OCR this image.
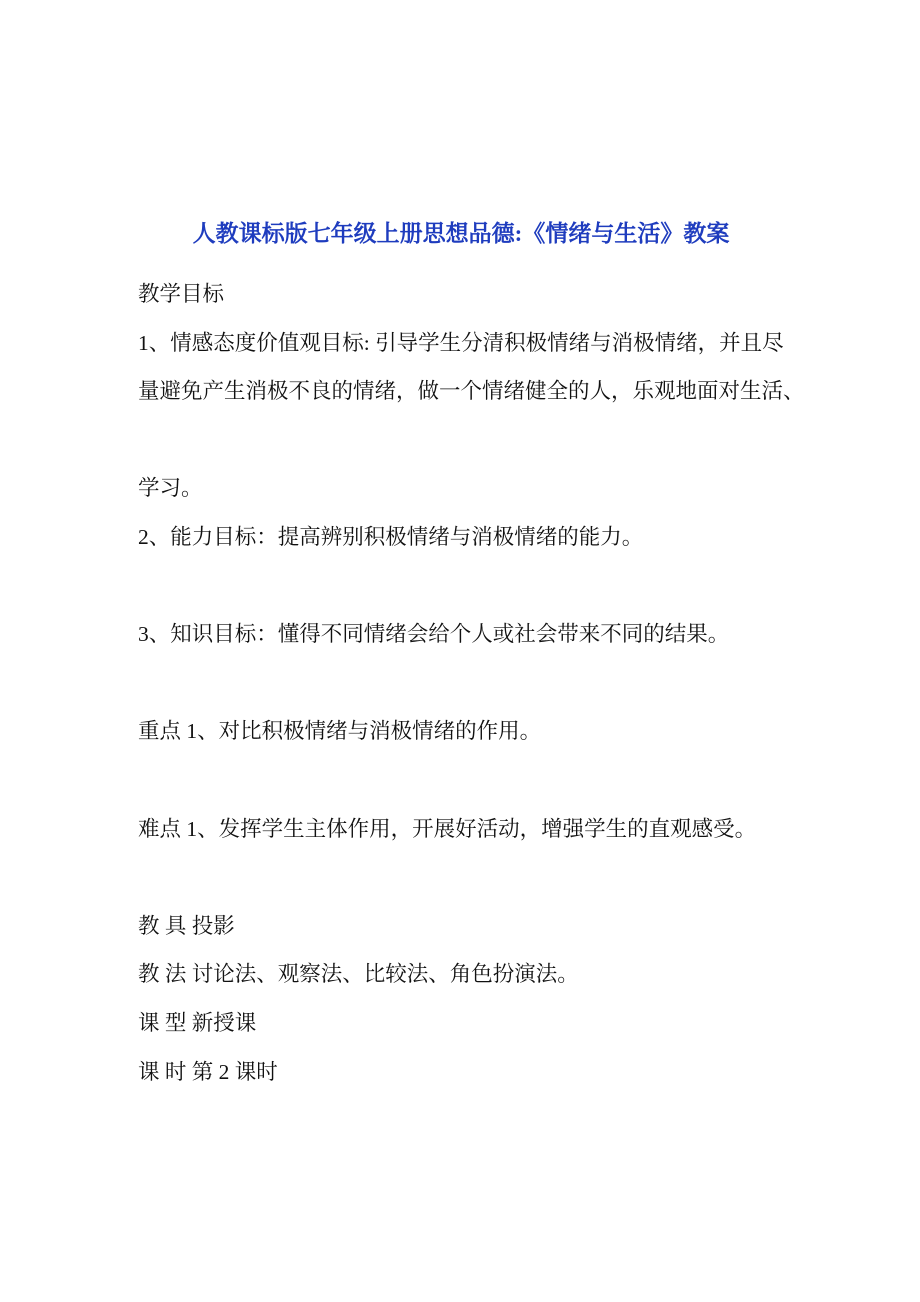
人教课标版七年级上册思想品德:《情绪与生活》教案
教学目标
1、情感态度价值观目标: 引导学生分清积极情绪与消极情绪，并且尽
量避免产生消极不良的情绪，做一个情绪健全的人，乐观地面对生活、

学习。
2、能力目标：提高辨别积极情绪与消极情绪的能力。

3、知识目标：懂得不同情绪会给个人或社会带来不同的结果。

重点 1、对比积极情绪与消极情绪的作用。

难点 1、发挥学生主体作用，开展好活动，增强学生的直观感受。

教 具 投影
教 法 讨论法、观察法、比较法、角色扮演法。
课 型 新授课
课 时 第 2 课时
